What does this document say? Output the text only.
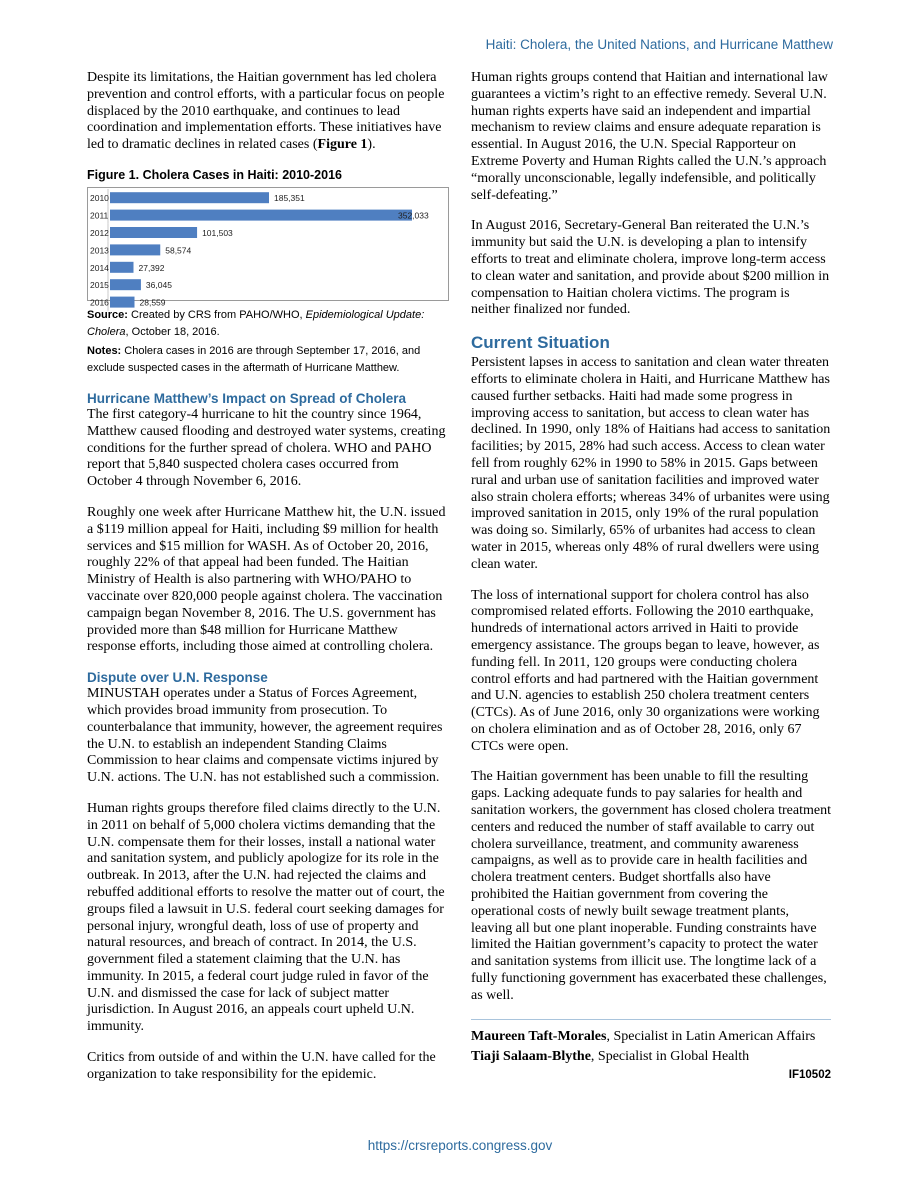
Haiti: Cholera, the United Nations, and Hurricane Matthew

Despite its limitations, the Haitian government has led cholera prevention and control efforts, with a particular focus on people displaced by the 2010 earthquake, and continues to lead coordination and implementation efforts. These initiatives have led to dramatic declines in related cases (Figure 1).

Figure 1. Cholera Cases in Haiti: 2010-2016
2010	185,351
2011	352,033
2012	101,503
2013	58,574
2014	27,392
2015	36,045
2016	28,559
Source: Created by CRS from PAHO/WHO, Epidemiological Update: Cholera, October 18, 2016.
Notes: Cholera cases in 2016 are through September 17, 2016, and exclude suspected cases in the aftermath of Hurricane Matthew.
Hurricane Matthew’s Impact on Spread of Cholera

The first category-4 hurricane to hit the country since 1964, Matthew caused flooding and destroyed water systems, creating conditions for the further spread of cholera. WHO and PAHO report that 5,840 suspected cholera cases occurred from October 4 through November 6, 2016.

Roughly one week after Hurricane Matthew hit, the U.N. issued a $119 million appeal for Haiti, including $9 million for health services and $15 million for WASH. As of October 20, 2016, roughly 22% of that appeal had been funded. The Haitian Ministry of Health is also partnering with WHO/PAHO to vaccinate over 820,000 people against cholera. The vaccination campaign began November 8, 2016. The U.S. government has provided more than $48 million for Hurricane Matthew response efforts, including those aimed at controlling cholera.

Dispute over U.N. Response

MINUSTAH operates under a Status of Forces Agreement, which provides broad immunity from prosecution. To counterbalance that immunity, however, the agreement requires the U.N. to establish an independent Standing Claims Commission to hear claims and compensate victims injured by U.N. actions. The U.N. has not established such a commission.

Human rights groups therefore filed claims directly to the U.N. in 2011 on behalf of 5,000 cholera victims demanding that the U.N. compensate them for their losses, install a national water and sanitation system, and publicly apologize for its role in the outbreak. In 2013, after the U.N. had rejected the claims and rebuffed additional efforts to resolve the matter out of court, the groups filed a lawsuit in U.S. federal court seeking damages for personal injury, wrongful death, loss of use of property and natural resources, and breach of contract. In 2014, the U.S. government filed a statement claiming that the U.N. has immunity. In 2015, a federal court judge ruled in favor of the U.N. and dismissed the case for lack of subject matter jurisdiction. In August 2016, an appeals court upheld U.N. immunity.

Critics from outside of and within the U.N. have called for the organization to take responsibility for the epidemic.

Human rights groups contend that Haitian and international law guarantees a victim’s right to an effective remedy. Several U.N. human rights experts have said an independent and impartial mechanism to review claims and ensure adequate reparation is essential. In August 2016, the U.N. Special Rapporteur on Extreme Poverty and Human Rights called the U.N.’s approach “morally unconscionable, legally indefensible, and politically self-defeating.”

In August 2016, Secretary-General Ban reiterated the U.N.’s immunity but said the U.N. is developing a plan to intensify efforts to treat and eliminate cholera, improve long-term access to clean water and sanitation, and provide about $200 million in compensation to Haitian cholera victims. The program is neither finalized nor funded.

Current Situation

Persistent lapses in access to sanitation and clean water threaten efforts to eliminate cholera in Haiti, and Hurricane Matthew has caused further setbacks. Haiti had made some progress in improving access to sanitation, but access to clean water has declined. In 1990, only 18% of Haitians had access to sanitation facilities; by 2015, 28% had such access. Access to clean water fell from roughly 62% in 1990 to 58% in 2015. Gaps between rural and urban use of sanitation facilities and improved water also strain cholera efforts; whereas 34% of urbanites were using improved sanitation in 2015, only 19% of the rural population was doing so. Similarly, 65% of urbanites had access to clean water in 2015, whereas only 48% of rural dwellers were using clean water.

The loss of international support for cholera control has also compromised related efforts. Following the 2010 earthquake, hundreds of international actors arrived in Haiti to provide emergency assistance. The groups began to leave, however, as funding fell. In 2011, 120 groups were conducting cholera control efforts and had partnered with the Haitian government and U.N. agencies to establish 250 cholera treatment centers (CTCs). As of June 2016, only 30 organizations were working on cholera elimination and as of October 28, 2016, only 67 CTCs were open.

The Haitian government has been unable to fill the resulting gaps. Lacking adequate funds to pay salaries for health and sanitation workers, the government has closed cholera treatment centers and reduced the number of staff available to carry out cholera surveillance, treatment, and community awareness campaigns, as well as to provide care in health facilities and cholera treatment centers. Budget shortfalls also have prohibited the Haitian government from covering the operational costs of newly built sewage treatment plants, leaving all but one plant inoperable. Funding constraints have limited the Haitian government’s capacity to protect the water and sanitation systems from illicit use. The longtime lack of a fully functioning government has exacerbated these challenges, as well.

Maureen Taft-Morales, Specialist in Latin American Affairs
Tiaji Salaam-Blythe, Specialist in Global Health
IF10502
https://crsreports.congress.gov
